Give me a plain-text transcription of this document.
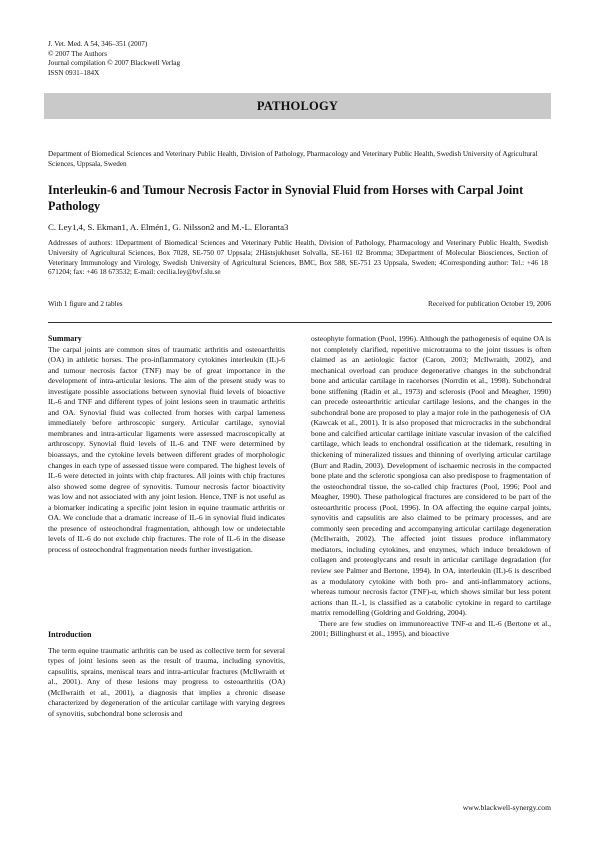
J. Vet. Med. A 54, 346–351 (2007)
© 2007 The Authors
Journal compilation © 2007 Blackwell Verlag
ISSN 0931–184X
PATHOLOGY
Department of Biomedical Sciences and Veterinary Public Health, Division of Pathology, Pharmacology and Veterinary Public Health, Swedish University of Agricultural Sciences, Uppsala, Sweden
Interleukin-6 and Tumour Necrosis Factor in Synovial Fluid from Horses with Carpal Joint Pathology
C. Ley1,4, S. Ekman1, A. Elmén1, G. Nilsson2 and M.-L. Eloranta3
Addresses of authors: 1Department of Biomedical Sciences and Veterinary Public Health, Division of Pathology, Pharmacology and Veterinary Public Health, Swedish University of Agricultural Sciences, Box 7028, SE-750 07 Uppsala; 2Hästsjukhuset Solvalla, SE-161 02 Bromma; 3Department of Molecular Biosciences, Section of Veterinary Immunology and Virology, Swedish University of Agricultural Sciences, BMC, Box 588, SE-751 23 Uppsala, Sweden; 4Corresponding author: Tel.: +46 18 671204; fax: +46 18 673532; E-mail: cecilia.ley@bvf.slu.se
With 1 figure and 2 tables	Received for publication October 19, 2006
Summary

The carpal joints are common sites of traumatic arthritis and osteoarthritis (OA) in athletic horses. The pro-inflammatory cytokines interleukin (IL)-6 and tumour necrosis factor (TNF) may be of great importance in the development of intra-articular lesions. The aim of the present study was to investigate possible associations between synovial fluid levels of bioactive IL-6 and TNF and different types of joint lesions seen in traumatic arthritis and OA. Synovial fluid was collected from horses with carpal lameness immediately before arthroscopic surgery. Articular cartilage, synovial membranes and intra-articular ligaments were assessed macroscopically at arthroscopy. Synovial fluid levels of IL-6 and TNF were determined by bioassays, and the cytokine levels between different grades of morphologic changes in each type of assessed tissue were compared. The highest levels of IL-6 were detected in joints with chip fractures. All joints with chip fractures also showed some degree of synovitis. Tumour necrosis factor bioactivity was low and not associated with any joint lesion. Hence, TNF is not useful as a biomarker indicating a specific joint lesion in equine traumatic arthritis or OA. We conclude that a dramatic increase of IL-6 in synovial fluid indicates the presence of osteochondral fragmentation, although low or undetectable levels of IL-6 do not exclude chip fractures. The role of IL-6 in the disease process of osteochondral fragmentation needs further investigation.

Introduction

The term equine traumatic arthritis can be used as collective term for several types of joint lesions seen as the result of trauma, including synovitis, capsulitis, sprains, meniscal tears and intra-articular fractures (McIlwraith et al., 2001). Any of these lesions may progress to osteoarthritis (OA) (McIlwraith et al., 2001), a diagnosis that implies a chronic disease characterized by degeneration of the articular cartilage with varying degrees of synovitis, subchondral bone sclerosis and

osteophyte formation (Pool, 1996). Although the pathogenesis of equine OA is not completely clarified, repetitive microtrauma to the joint tissues is often claimed as an aetiologic factor (Caron, 2003; McIlwraith, 2002), and mechanical overload can produce degenerative changes in the subchondral bone and articular cartilage in racehorses (Norrdin et al., 1998). Subchondral bone stiffening (Radin et al., 1973) and sclerosis (Pool and Meagher, 1990) can precede osteoarthritic articular cartilage lesions, and the changes in the subchondral bone are proposed to play a major role in the pathogenesis of OA (Kawcak et al., 2001). It is also proposed that microcracks in the subchondral bone and calcified articular cartilage initiate vascular invasion of the calcified cartilage, which leads to enchondral ossification at the tidemark, resulting in thickening of mineralized tissues and thinning of overlying articular cartilage (Burr and Radin, 2003). Development of ischaemic necrosis in the compacted bone plate and the sclerotic spongiosa can also predispose to fragmentation of the osteochondral tissue, the so-called chip fractures (Pool, 1996; Pool and Meagher, 1990). These pathological fractures are considered to be part of the osteoarthritic process (Pool, 1996). In OA affecting the equine carpal joints, synovitis and capsulitis are also claimed to be primary processes, and are commonly seen preceding and accompanying articular cartilage degeneration (McIlwraith, 2002). The affected joint tissues produce inflammatory mediators, including cytokines, and enzymes, which induce breakdown of collagen and proteoglycans and result in articular cartilage degradation (for review see Palmer and Bertone, 1994). In OA, interleukin (IL)-6 is described as a modulatory cytokine with both pro- and anti-inflammatory actions, whereas tumour necrosis factor (TNF)-α, which shows similar but less potent actions than IL-1, is classified as a catabolic cytokine in regard to cartilage matrix remodelling (Goldring and Goldring, 2004).

There are few studies on immunoreactive TNF-α and IL-6 (Bertone et al., 2001; Billinghurst et al., 1995), and bioactive

www.blackwell-synergy.com
